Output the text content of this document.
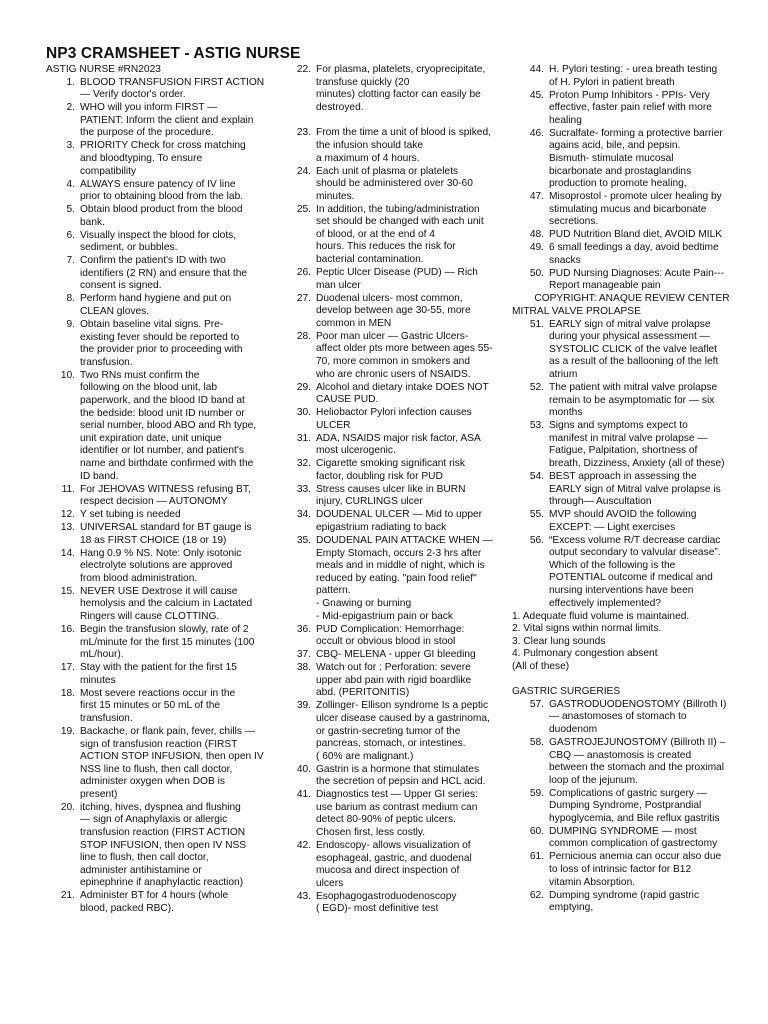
NP3 CRAMSHEET - ASTIG NURSE
ASTIG NURSE #RN2023
1. BLOOD TRANSFUSION FIRST ACTION
— Verify doctor's order.
2. WHO will you inform FIRST —
PATIENT: Inform the client and explain
the purpose of the procedure.
3. PRIORITY Check for cross matching
and bloodtyping. To ensure
compatibility
4. ALWAYS ensure patency of IV line
prior to obtaining blood from the lab.
5. Obtain blood product from the blood
bank.
6. Visually inspect the blood for clots,
sediment, or bubbles.
7. Confirm the patient's ID with two
identifiers (2 RN) and ensure that the
consent is signed.
8. Perform hand hygiene and put on
CLEAN gloves.
9. Obtain baseline vital signs. Pre-
existing fever should be reported to
the provider prior to proceeding with
transfusion.
10. Two RNs must confirm the
following on the blood unit, lab
paperwork, and the blood ID band at
the bedside: blood unit ID number or
serial number, blood ABO and Rh type,
unit expiration date, unit unique
identifier or lot number, and patient's
name and birthdate confirmed with the
ID band.
11. For JEHOVAS WITNESS refusing BT,
respect decision — AUTONOMY
12. Y set tubing is needed
13. UNIVERSAL standard for BT gauge is
18 as FIRST CHOICE (18 or 19)
14. Hang 0.9 % NS. Note: Only isotonic
electrolyte solutions are approved
from blood administration.
15. NEVER USE Dextrose it will cause
hemolysis and the calcium in Lactated
Ringers will cause CLOTTING.
16. Begin the transfusion slowly, rate of 2
mL/minute for the first 15 minutes (100
mL/hour).
17. Stay with the patient for the first 15
minutes
18. Most severe reactions occur in the
first 15 minutes or 50 mL of the
transfusion.
19. Backache, or flank pain, fever, chills —
sign of transfusion reaction (FIRST
ACTION STOP INFUSION, then open IV
NSS line to flush, then call doctor,
administer oxygen when DOB is
present)
20. itching, hives, dyspnea and flushing
— sign of Anaphylaxis or allergic
transfusion reaction (FIRST ACTION
STOP INFUSION, then open IV NSS
line to flush, then call doctor,
administer antihistamine or
epinephrine if anaphylactic reaction)
21. Administer BT for 4 hours (whole
blood, packed RBC).
22. For plasma, platelets, cryoprecipitate,
transfuse quickly (20
minutes) clotting factor can easily be
destroyed.
23. From the time a unit of blood is spiked,
the infusion should take
a maximum of 4 hours.
24. Each unit of plasma or platelets
should be administered over 30-60
minutes.
25. In addition, the tubing/administration
set should be changed with each unit
of blood, or at the end of 4
hours. This reduces the risk for
bacterial contamination.
26. Peptic Ulcer Disease (PUD) — Rich
man ulcer
27. Duodenal ulcers- most common,
develop between age 30-55, more
common in MEN
28. Poor man ulcer — Gastric Ulcers-
affect older pts more between ages 55-
70, more common in smokers and
who are chronic users of NSAIDS.
29. Alcohol and dietary intake DOES NOT
CAUSE PUD.
30. Heliobactor Pylori infection causes
ULCER
31. ADA, NSAIDS major risk factor, ASA
most ulcerogenic.
32. Cigarette smoking significant risk
factor, doubling risk for PUD
33. Stress causes ulcer like in BURN
injury, CURLINGS ulcer
34. DOUDENAL ULCER — Mid to upper
epigastrium radiating to back
35. DOUDENAL PAIN ATTACKE WHEN —
Empty Stomach, occurs 2-3 hrs after
meals and in middle of night, which is
reduced by eating. "pain food relief"
pattern.
- Gnawing or burning
- Mid-epigastrium pain or back
36. PUD Complication: Hemorrhage:
occult or obvious blood in stool
37. CBQ- MELENA - upper GI bleeding
38. Watch out for : Perforation: severe
upper abd pain with rigid boardlike
abd. (PERITONITIS)
39. Zollinger- Ellison syndrome Is a peptic
ulcer disease caused by a gastrinoma,
or gastrin-secreting tumor of the
pancreas, stomach, or intestines.
( 60% are malignant.)
40. Gastrin is a hormone that stimulates
the secretion of pepsin and HCL acid.
41. Diagnostics test — Upper GI series:
use barium as contrast medium can
detect 80-90% of peptic ulcers.
Chosen first, less costly.
42. Endoscopy- allows visualization of
esophageal, gastric, and duodenal
mucosa and direct inspection of
ulcers
43. Esophagogastroduodenoscopy
( EGD)- most definitive test
44. H. Pylori testing: - urea breath testing
of H. Pylori in patient breath
45. Proton Pump Inhibitors - PPIs- Very
effective, faster pain relief with more
healing
46. Sucralfate- forming a protective barrier
agains acid, bile, and pepsin.
Bismuth- stimulate mucosal
bicarbonate and prostaglandins
production to promote healing,
47. Misoprostol - promote ulcer healing by
stimulating mucus and bicarbonate
secretions.
48. PUD Nutrition Bland diet, AVOID MILK
49. 6 small feedings a day, avoid bedtime
snacks
50. PUD Nursing Diagnoses: Acute Pain---
Report manageable pain
COPYRIGHT: ANAQUE REVIEW CENTER
MITRAL VALVE PROLAPSE
51. EARLY sign of mitral valve prolapse
during your physical assessment —
SYSTOLIC CLICK of the valve leaflet
as a result of the ballooning of the left
atrium
52. The patient with mitral valve prolapse
remain to be asymptomatic for — six
months
53. Signs and symptoms expect to
manifest in mitral valve prolapse —
Fatigue, Palpitation, shortness of
breath, Dizziness, Anxiety (all of these)
54. BEST approach in assessing the
EARLY sign of Mitral valve prolapse is
through— Auscultation
55. MVP should AVOID the following
EXCEPT: — Light exercises
56. “Excess volume R/T decrease cardiac
output secondary to valvular disease”.
Which of the following is the
POTENTIAL outcome if medical and
nursing interventions have been
effectively implemented?
1. Adequate fluid volume is maintained.
2. Vital signs within normal limits.
3. Clear lung sounds
4. Pulmonary congestion absent
(All of these)
GASTRIC SURGERIES
57. GASTRODUODENOSTOMY (Billroth I)
— anastomoses of stomach to
duodenom
58. GASTROJEJUNOSTOMY (Billroth II) –
CBQ — anastomosis is created
between the stomach and the proximal
loop of the jejunum.
59. Complications of gastric surgery —
Dumping Syndrome, Postprandial
hypoglycemia, and Bile reflux gastritis
60. DUMPING SYNDROME — most
common complication of gastrectomy
61. Pernicious anemia can occur also due
to loss of intrinsic factor for B12
vitamin Absorption.
62. Dumping syndrome (rapid gastric
emptying,
